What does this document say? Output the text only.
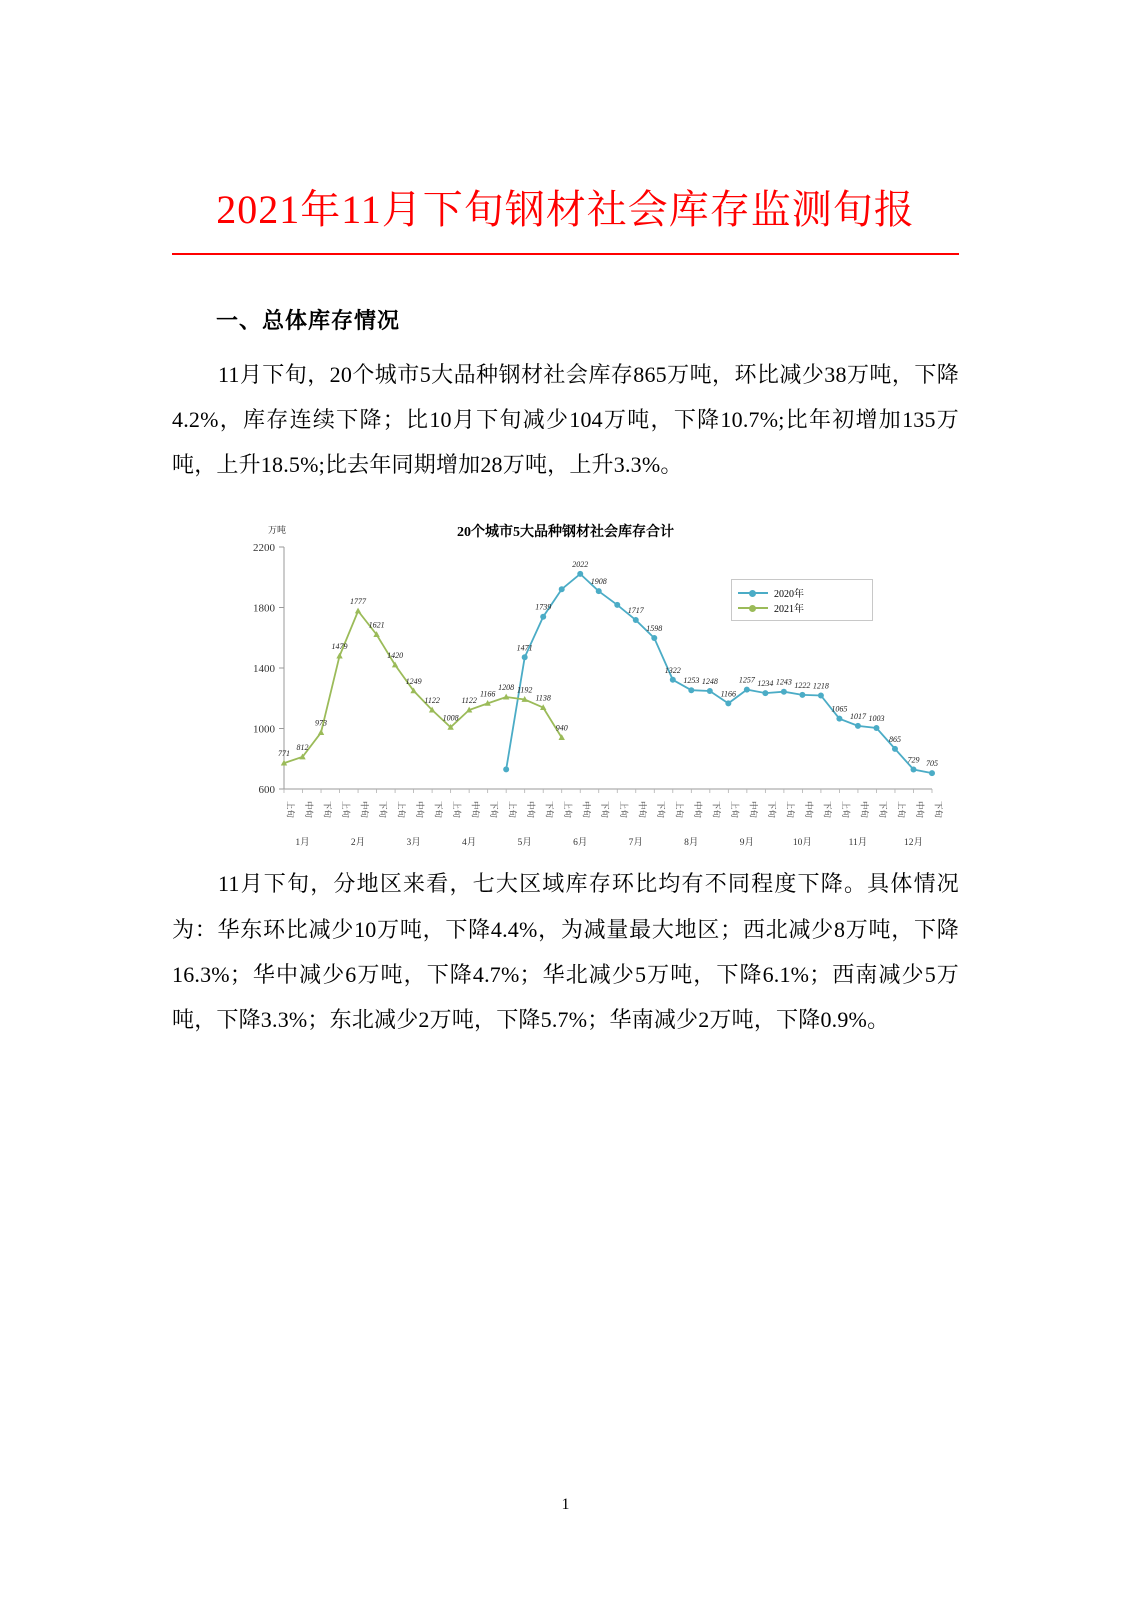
2021年11月下旬钢材社会库存监测旬报
一、总体库存情况
11月下旬，20个城市5大品种钢材社会库存865万吨，环比减少38万吨，下降4.2%，库存连续下降；比10月下旬减少104万吨，下降10.7%;比年初增加135万吨，上升18.5%;比去年同期增加28万吨，上升3.3%。
20个城市5大品种钢材社会库存合计
万吨
600
1000
1400
1800
2200
上旬 中旬 下旬 上旬 中旬 下旬 上旬 中旬 下旬 上旬 中旬 下旬 上旬 中旬 下旬 上旬 中旬 下旬 上旬 中旬 下旬 上旬 中旬 下旬 上旬 中旬 下旬 上旬 中旬 下旬 上旬 中旬 下旬 上旬 中旬 下旬
1月	2月	3月	4月	5月	6月	7月	8月	9月	10月	11月	12月
1471
1739
2022
1908
1717
1598
1322
1253 1248
1166
1257 1234 1243 1222 1218
1065
1017 1003
865
729 705
771
812
973
1479
1777
1621
1420
1249
1122
1008
1122
1166
1208 1192
1138
940
2020年
2021年
11月下旬，分地区来看，七大区域库存环比均有不同程度下降。具体情况为：华东环比减少10万吨，下降4.4%，为减量最大地区；西北减少8万吨，下降16.3%；华中减少6万吨，下降4.7%；华北减少5万吨，下降6.1%；西南减少5万吨，下降3.3%；东北减少2万吨，下降5.7%；华南减少2万吨，下降0.9%。
1
